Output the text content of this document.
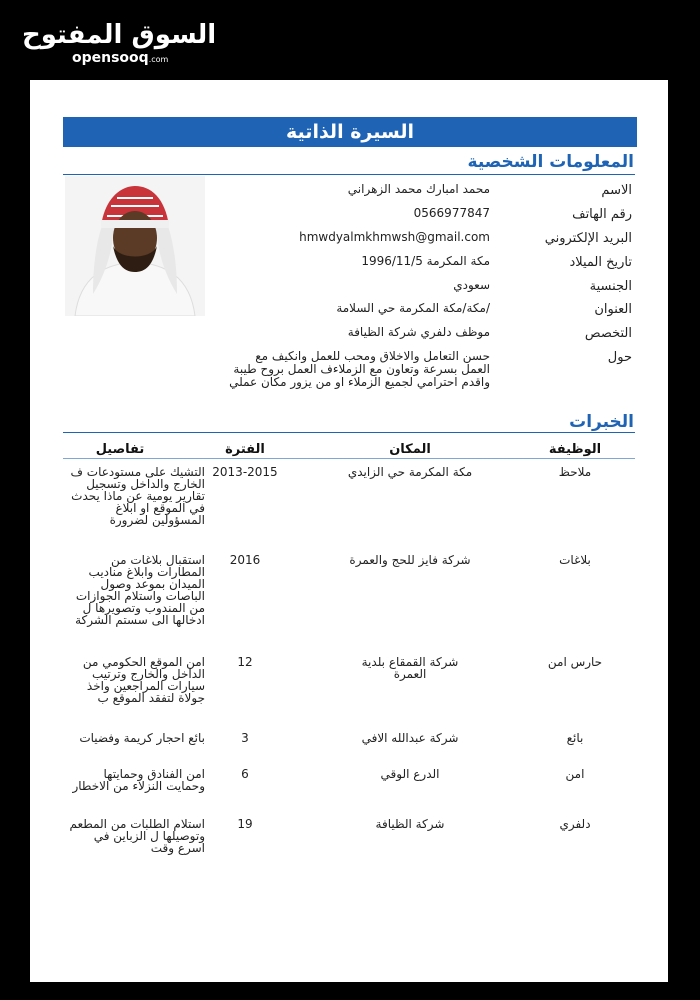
السوق المفتوح
opensooq.com
السيرة الذاتية
المعلومات الشخصية
الاسم
محمد امبارك محمد الزهراني
رقم الهاتف
0566977847
البريد الإلكتروني
hmwdyalmkhmwsh@gmail.com
تاريخ الميلاد
مكة المكرمة 1996/11/5
الجنسية
سعودي
العنوان
/مكة/مكة المكرمة حي السلامة
التخصص
موظف دلفري شركة الظيافة
حول
حسن التعامل والاخلاق ومحب للعمل وانكيف مع العمل بسرعة وتعاون مع الزملاءف العمل بروح طيبة واقدم احترامي لجميع الزملاء او من يزور مكان عملي
الخبرات
الوظيفة
المكان
الفترة
تفاصيل
ملاحظ
مكة المكرمة حي الزايدي
2013-2015
التشيك على مستودعات ف الخارج والداخل وتسجيل تقارير يومية عن ماذا يحدث في الموقع او ابلاغ المسؤولين لضرورة
بلاغات
شركة فايز للحج والعمرة
2016
استقبال بلاغات من المطارات وابلاغ مناديب الميدان بموعد وصول الباصات واستلام الجوازات من المندوب وتصويرها ل ادخالها الى سستم الشركة
حارس امن
شركة القمقاع بلدية العمرة
12
امن الموقع الحكومي من الداخل والخارج وترتيب سيارات المراجعين واخذ جولاة لتفقد الموقع ب
بائع
شركة عبدالله الافي
3
بائع احجار كريمة وفضيات
امن
الدرع الوقي
6
امن الفنادق وحمايتها وحمايت النزلاء من الاخطار
دلفري
شركة الظيافة
19
استلام الطلبات من المطعم وتوصيلها ل الزباين في اسرع وقت
